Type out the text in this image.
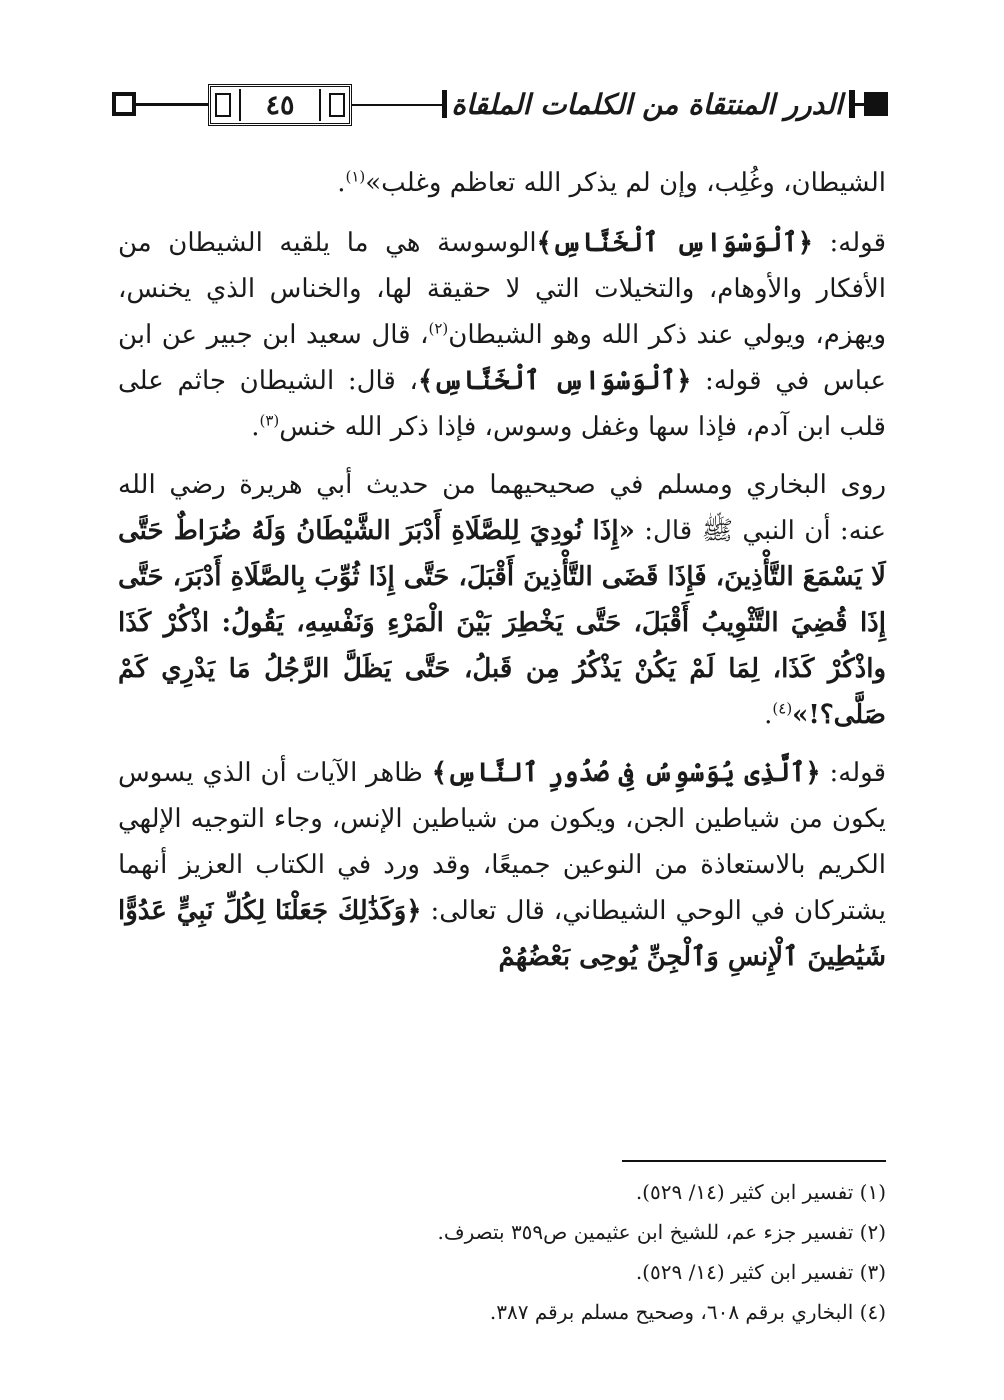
٤٥	الدرر المنتقاة من الكلمات الملقاة

الشيطان، وغُلِب، وإن لم يذكر الله تعاظم وغلب»$^{(١)}$.

قوله: ﴿ٱلْوَسْوَاسِ ٱلْخَنَّاسِ﴾الوسوسة هي ما يلقيه الشيطان من الأفكار والأوهام، والتخيلات التي لا حقيقة لها، والخناس الذي يخنس، ويهزم، ويولي عند ذكر الله وهو الشيطان$^{(٢)}$، قال سعيد ابن جبير عن ابن عباس في قوله: ﴿ٱلْوَسْوَاسِ ٱلْخَنَّاسِ﴾، قال: الشيطان جاثم على قلب ابن آدم، فإذا سها وغفل وسوس، فإذا ذكر الله خنس$^{(٣)}$.

روى البخاري ومسلم في صحيحيهما من حديث أبي هريرة رضي الله عنه: أن النبي ﷺ قال: «إِذَا نُودِيَ لِلصَّلَاةِ أَدْبَرَ الشَّيْطَانُ وَلَهُ ضُرَاطٌ حَتَّى لَا يَسْمَعَ التَّأْذِينَ، فَإِذَا قَضَى التَّأْذِينَ أَقْبَلَ، حَتَّى إِذَا ثُوِّبَ بِالصَّلَاةِ أَدْبَرَ، حَتَّى إِذَا قُضِيَ التَّثْوِيبُ أَقْبَلَ، حَتَّى يَخْطِرَ بَيْنَ الْمَرْءِ وَنَفْسِهِ، يَقُولُ: اذْكُرْ كَذَا واذْكُرْ كَذَا، لِمَا لَمْ يَكُنْ يَذْكُرُ مِن قَبلُ، حَتَّى يَظَلَّ الرَّجُلُ مَا يَدْرِي كَمْ صَلَّى؟!»$^{(٤)}$.

قوله: ﴿ٱلَّذِى يُوَسْوِسُ فِى صُدُورِ ٱلنَّاسِ﴾ ظاهر الآيات أن الذي يسوس يكون من شياطين الجن، ويكون من شياطين الإنس، وجاء التوجيه الإلهي الكريم بالاستعاذة من النوعين جميعًا، وقد ورد في الكتاب العزيز أنهما يشتركان في الوحي الشيطاني، قال تعالى: ﴿وَكَذَٰلِكَ جَعَلْنَا لِكُلِّ نَبِيٍّ عَدُوًّا شَيَٰطِينَ ٱلْإِنسِ وَٱلْجِنِّ يُوحِى بَعْضُهُمْ

(١) تفسير ابن كثير (١٤/ ٥٢٩).
(٢) تفسير جزء عم، للشيخ ابن عثيمين ص٣٥٩ بتصرف.
(٣) تفسير ابن كثير (١٤/ ٥٢٩).
(٤) البخاري برقم ٦٠٨، وصحيح مسلم برقم ٣٨٧.
